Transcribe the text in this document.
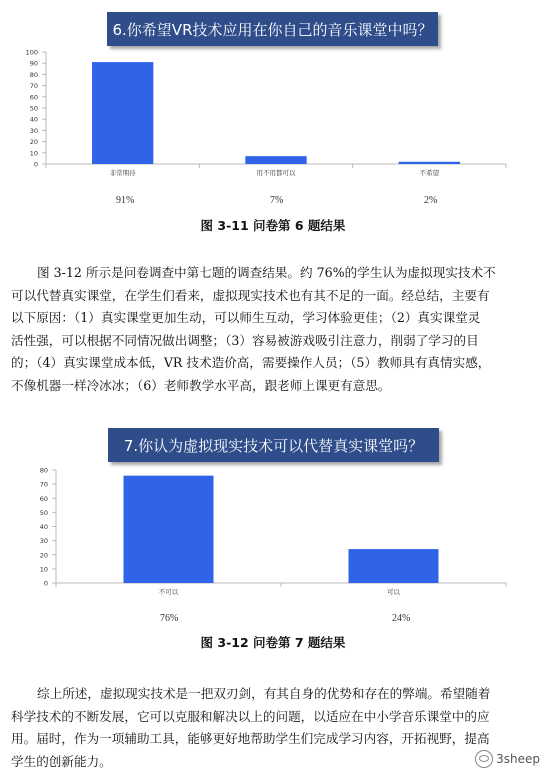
6.你希望VR技术应用在你自己的音乐课堂中吗？
0
10
20
30
40
50
60
70
80
90
100
非常期待	用不用都可以	不希望
91%	7%	2%
图 3-11 问卷第 6 题结果
图 3-12 所示是问卷调查中第七题的调查结果。约 76%的学生认为虚拟现实技术不
可以代替真实课堂，在学生们看来，虚拟现实技术也有其不足的一面。经总结，主要有
以下原因：（1）真实课堂更加生动，可以师生互动，学习体验更佳；（2）真实课堂灵
活性强，可以根据不同情况做出调整；（3）容易被游戏吸引注意力，削弱了学习的目
的；（4）真实课堂成本低，VR 技术造价高，需要操作人员；（5）教师具有真情实感，
不像机器一样冷冰冰；（6）老师教学水平高，跟老师上课更有意思。
7.你认为虚拟现实技术可以代替真实课堂吗？
0
10
20
30
40
50
60
70
80
不可以	可以
76%	24%
图 3-12 问卷第 7 题结果
综上所述，虚拟现实技术是一把双刃剑，有其自身的优势和存在的弊端。希望随着
科学技术的不断发展，它可以克服和解决以上的问题，以适应在中小学音乐课堂中的应
用。届时，作为一项辅助工具，能够更好地帮助学生们完成学习内容，开拓视野，提高
学生的创新能力。	3sheep
